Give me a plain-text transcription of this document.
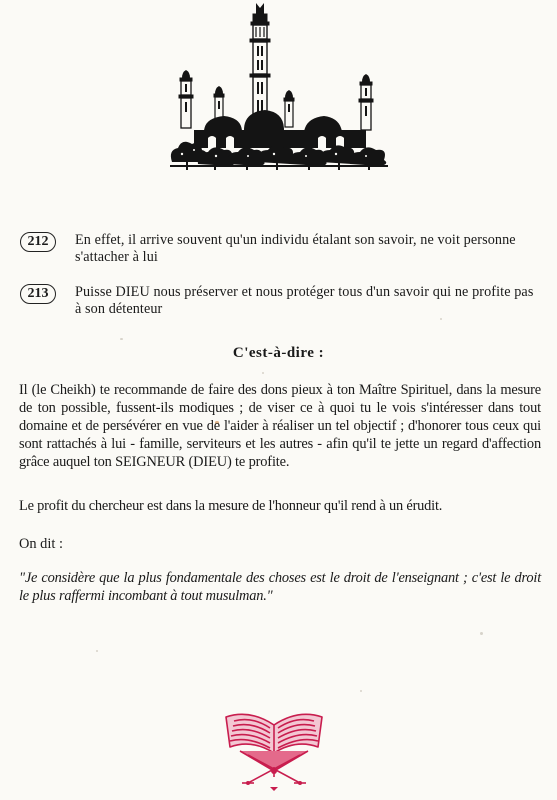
212	En effet, il arrive souvent qu'un individu étalant son savoir, ne voit personne s'attacher à lui
213	Puisse DIEU nous préserver et nous protéger tous d'un savoir qui ne profite pas à son détenteur
C'est-à-dire :
Il (le Cheikh) te recommande de faire des dons pieux à ton Maître Spirituel, dans la mesure de ton possible, fussent-ils modiques ; de viser ce à quoi tu le vois s'intéresser dans tout domaine et de persévérer en vue de l'aider à réaliser un tel objectif ; d'honorer tous ceux qui sont rattachés à lui - famille, serviteurs et les autres - afin qu'il te jette un regard d'affection grâce auquel ton SEIGNEUR (DIEU) te profite.
Le profit du chercheur est dans la mesure de l'honneur qu'il rend à un érudit.
On dit :
"Je considère que la plus fondamentale des choses est le droit de l'enseignant ; c'est le droit le plus raffermi incombant à tout musulman."
